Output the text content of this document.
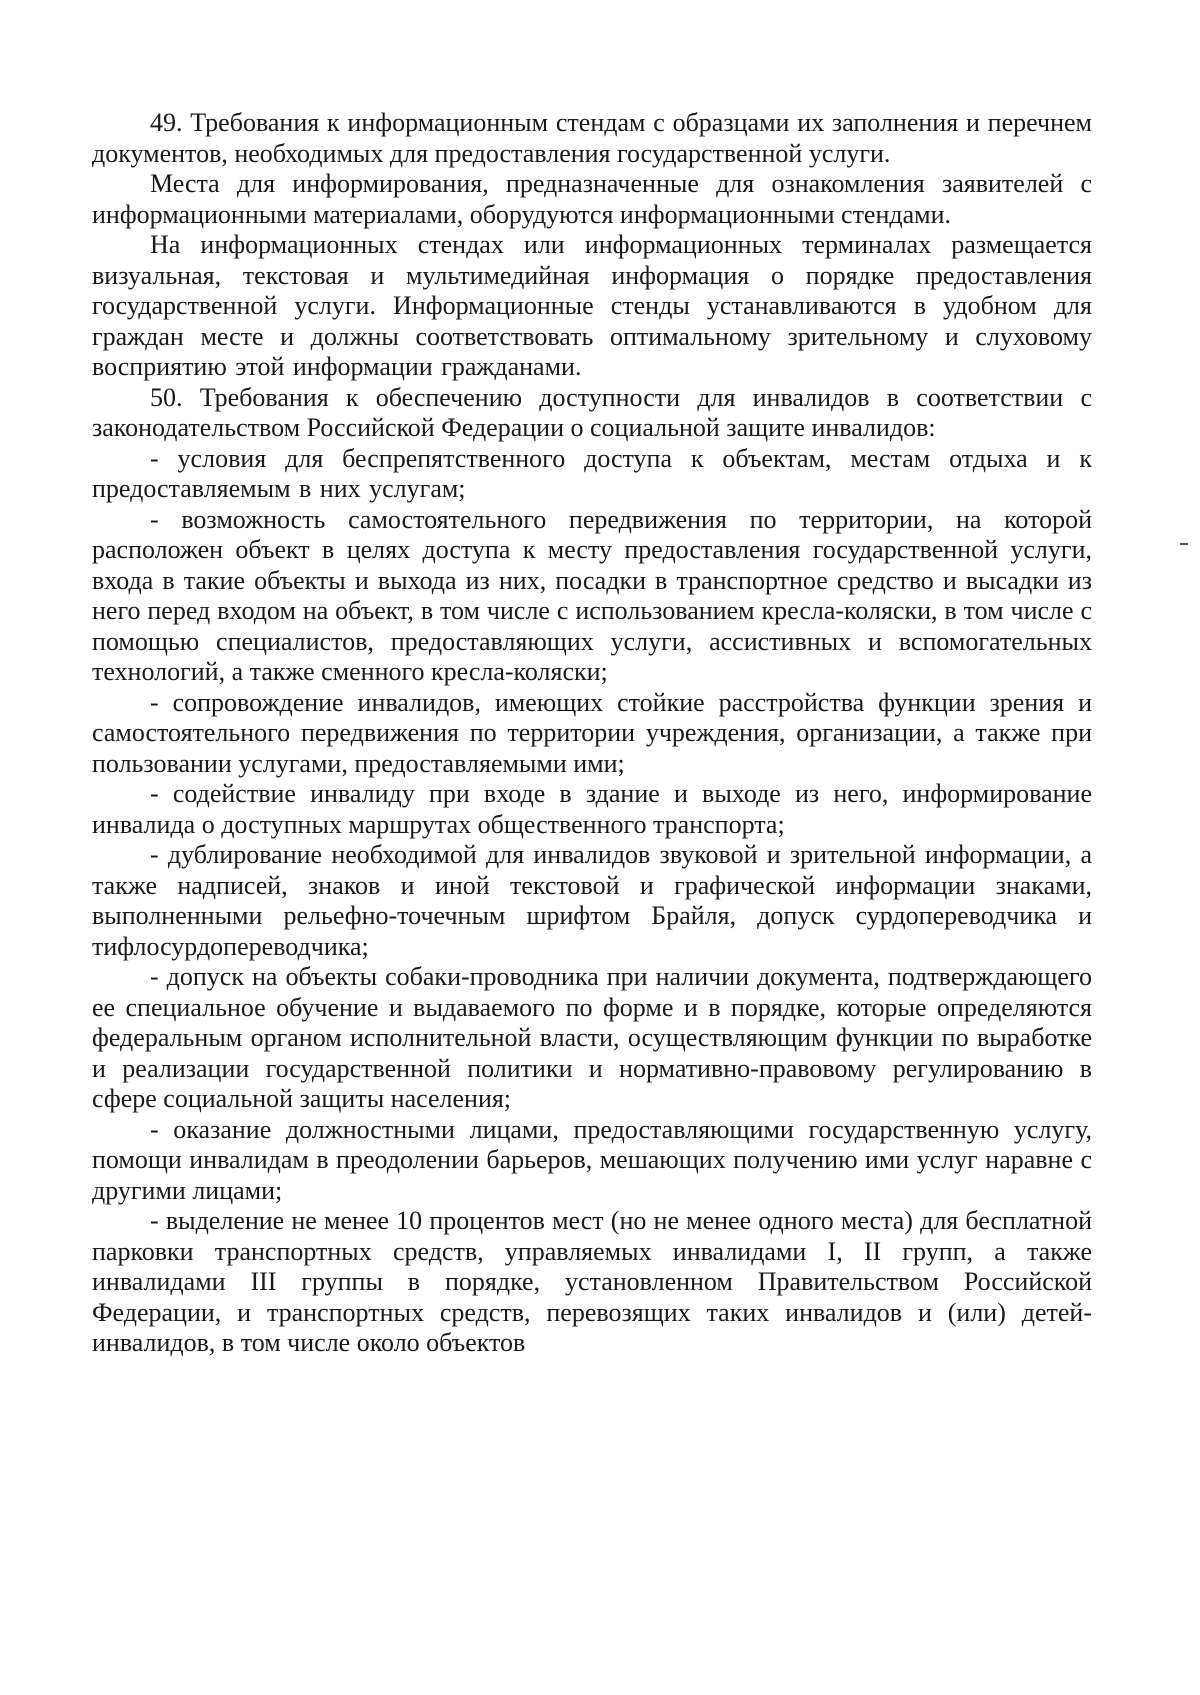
49. Требования к информационным стендам с образцами их заполнения и перечнем документов, необходимых для предоставления государственной услуги.

Места для информирования, предназначенные для ознакомления заявителей с информационными материалами, оборудуются информационными стендами.

На информационных стендах или информационных терминалах размещается визуальная, текстовая и мультимедийная информация о порядке предоставления государственной услуги. Информационные стенды устанавливаются в удобном для граждан месте и должны соответствовать оптимальному зрительному и слуховому восприятию этой информации гражданами.

50. Требования к обеспечению доступности для инвалидов в соответствии с законодательством Российской Федерации о социальной защите инвалидов:

- условия для беспрепятственного доступа к объектам, местам отдыха и к предоставляемым в них услугам;

- возможность самостоятельного передвижения по территории, на которой расположен объект в целях доступа к месту предоставления государственной услуги, входа в такие объекты и выхода из них, посадки в транспортное средство и высадки из него перед входом на объект, в том числе с использованием кресла-коляски, в том числе с помощью специалистов, предоставляющих услуги, ассистивных и вспомогательных технологий, а также сменного кресла-коляски;

- сопровождение инвалидов, имеющих стойкие расстройства функции зрения и самостоятельного передвижения по территории учреждения, организации, а также при пользовании услугами, предоставляемыми ими;

- содействие инвалиду при входе в здание и выходе из него, информирование инвалида о доступных маршрутах общественного транспорта;

- дублирование необходимой для инвалидов звуковой и зрительной информации, а также надписей, знаков и иной текстовой и графической информации знаками, выполненными рельефно-точечным шрифтом Брайля, допуск сурдопереводчика и тифлосурдопереводчика;

- допуск на объекты собаки-проводника при наличии документа, подтверждающего ее специальное обучение и выдаваемого по форме и в порядке, которые определяются федеральным органом исполнительной власти, осуществляющим функции по выработке и реализации государственной политики и нормативно-правовому регулированию в сфере социальной защиты населения;

- оказание должностными лицами, предоставляющими государственную услугу, помощи инвалидам в преодолении барьеров, мешающих получению ими услуг наравне с другими лицами;

- выделение не менее 10 процентов мест (но не менее одного места) для бесплатной парковки транспортных средств, управляемых инвалидами I, II групп, а также инвалидами III группы в порядке, установленном Правительством Российской Федерации, и транспортных средств, перевозящих таких инвалидов и (или) детей-инвалидов, в том числе около объектов
